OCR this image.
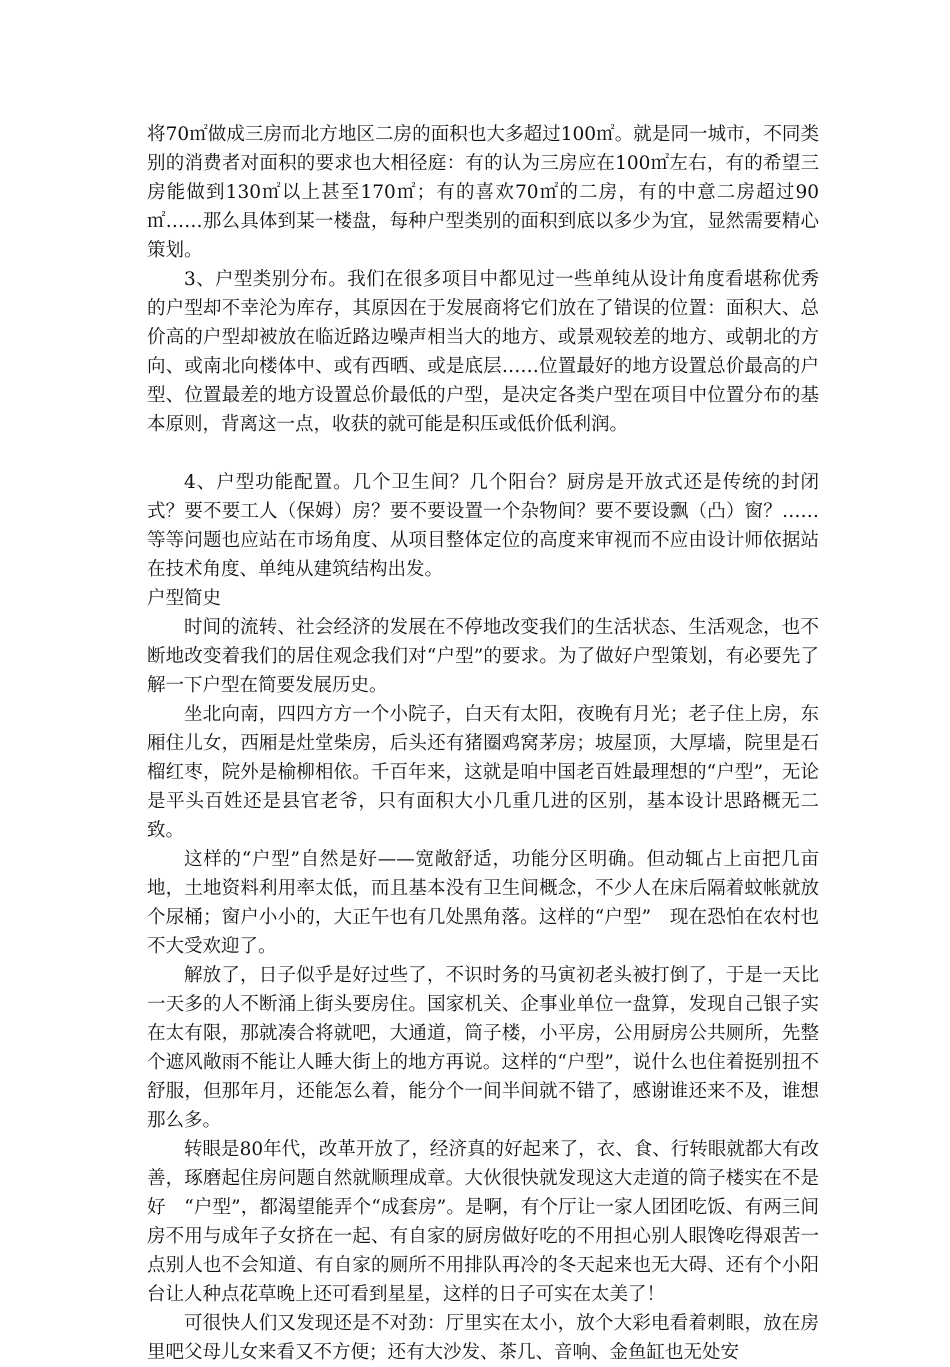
将70㎡做成三房而北方地区二房的面积也大多超过100㎡。就是同一城市，不同类别的消费者对面积的要求也大相径庭：有的认为三房应在100㎡左右，有的希望三房能做到130㎡以上甚至170㎡；有的喜欢70㎡的二房，有的中意二房超过90㎡……那么具体到某一楼盘，每种户型类别的面积到底以多少为宜，显然需要精心策划。

3、户型类别分布。我们在很多项目中都见过一些单纯从设计角度看堪称优秀的户型却不幸沦为库存，其原因在于发展商将它们放在了错误的位置：面积大、总价高的户型却被放在临近路边噪声相当大的地方、或景观较差的地方、或朝北的方向、或南北向楼体中、或有西晒、或是底层……位置最好的地方设置总价最高的户型、位置最差的地方设置总价最低的户型，是决定各类户型在项目中位置分布的基本原则，背离这一点，收获的就可能是积压或低价低利润。

4、户型功能配置。几个卫生间？几个阳台？厨房是开放式还是传统的封闭式？要不要工人（保姆）房？要不要设置一个杂物间？要不要设飘（凸）窗？……等等问题也应站在市场角度、从项目整体定位的高度来审视而不应由设计师依据站在技术角度、单纯从建筑结构出发。

户型简史

时间的流转、社会经济的发展在不停地改变我们的生活状态、生活观念，也不断地改变着我们的居住观念我们对“户型”的要求。为了做好户型策划，有必要先了解一下户型在简要发展历史。

坐北向南，四四方方一个小院子，白天有太阳，夜晚有月光；老子住上房，东厢住儿女，西厢是灶堂柴房，后头还有猪圈鸡窝茅房；坡屋顶，大厚墙，院里是石榴红枣，院外是榆柳相依。千百年来，这就是咱中国老百姓最理想的“户型”，无论是平头百姓还是县官老爷，只有面积大小几重几进的区别，基本设计思路概无二致。

这样的“户型”自然是好——宽敞舒适，功能分区明确。但动辄占上亩把几亩地，土地资料利用率太低，而且基本没有卫生间概念，不少人在床后隔着蚊帐就放个尿桶；窗户小小的，大正午也有几处黑角落。这样的“户型”　现在恐怕在农村也不大受欢迎了。

解放了，日子似乎是好过些了，不识时务的马寅初老头被打倒了，于是一天比一天多的人不断涌上街头要房住。国家机关、企事业单位一盘算，发现自己银子实在太有限，那就凑合将就吧，大通道，筒子楼，小平房，公用厨房公共厕所，先整个遮风敞雨不能让人睡大街上的地方再说。这样的“户型”，说什么也住着挺别扭不舒服，但那年月，还能怎么着，能分个一间半间就不错了，感谢谁还来不及，谁想那么多。

转眼是80年代，改革开放了，经济真的好起来了，衣、食、行转眼就都大有改善，琢磨起住房问题自然就顺理成章。大伙很快就发现这大走道的筒子楼实在不是好　“户型”，都渴望能弄个“成套房”。是啊，有个厅让一家人团团吃饭、有两三间房不用与成年子女挤在一起、有自家的厨房做好吃的不用担心别人眼馋吃得艰苦一点别人也不会知道、有自家的厕所不用排队再冷的冬天起来也无大碍、还有个小阳台让人种点花草晚上还可看到星星，这样的日子可实在太美了！

可很快人们又发现还是不对劲：厅里实在太小，放个大彩电看着刺眼，放在房里吧父母儿女来看又不方便；还有大沙发、茶几、音响、金鱼缸也无处安
